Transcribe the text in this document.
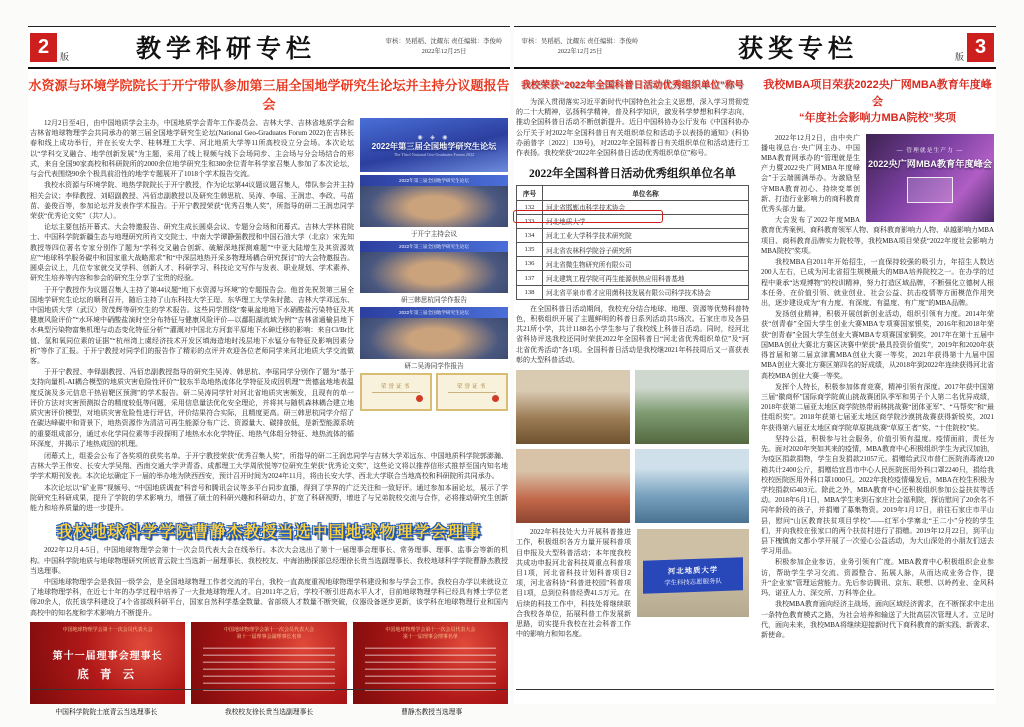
2	版	教学科研专栏	审核：吴稻稻、沈耀东 责任编辑：李俊岭
2022年12月25日
水资源与环境学院院长于开宁带队参加第三届全国地学研究生论坛并主持分议题报告会

12月2日至4日，由中国地质学会主办，中国地质学会青年工作委员会、吉林大学、吉林省地质学会和吉林省地球物理学会共同承办的第三届全国地学研究生论坛(National Geo-Graduates Forum 2022)在吉林长春和线上成功举行，并在长安大学、桂林理工大学、河北地质大学等11所高校设立分会场。本次论坛以“学科交叉融合、地学创新发展”为主题，采用了线上视频与线下会场同步、主会场与分会场结合的形式，来自全国90家高校和科研院所的2000余位地学研究生和380余位青年科学家召集人参加了本次论坛，与会代表围绕90余个极具前沿性的地学专题展开了1018个学术报告交流。

我校水资源与环境学院、地热学院院长于开宁教授，作为论坛第44议题议题召集人，带队参会并主持相关会议；李铎教授、刘昭副教授、冯佰忠副教授以及研究生韩思杭、吴涛、李瑶、王润忠、李政、马苗苗、姜俊百等，参加论坛并发表作学术报告。于开宁教授荣获“优秀召集人奖”，所指导的研二王润忠同学荣获“优秀论文奖”（共7人）。

论坛主要包括开幕式、大会特邀报告、研究生成长圆桌会议、专题分会场和闭幕式。吉林大学林君院士、中国科学院新疆生态与地理研究所肖文交院士、中南大学谭静强教授和中国石油大学（北京）宋先知教授等四位著名专家分别作了题为“学科交叉融合创新、破解深地探测难题”“中亚大陆增生及其资源效应”“地球科学服务碳中和国家重大战略需求”和“中深层地热开采多物理场耦合研究探讨”的大会特邀报告。圆桌会议上，几位专家就交叉学科、创新人才、科研学习、科技论文写作与发表、职业规划、学术素养、研究生培养等内容和参会的研究生分享了宝贵的经验。

于开宁教授作为议题召集人主持了第44议题“地下水资源与环境”的专题报告会。他首先祝贺第三届全国地学研究生论坛的顺利召开，随后主持了山东科技大学王珵、东华理工大学朱时懿、吉林大学邓远东、中国地质大学（武汉）贺茂辉等研究生的学术报告。这些同学围绕“秦巢盆地地下水硝酸盐污染特征及其健康风险评价”“水环境中硝酸盐演时空分布特征与健康风险评价—以鄱阳湖流域为例”“吉林省通榆县地下水典型污染物富集机理与动态变化特征分析”“灌溉对中国北方河套平原地下水砷迁移的影响：来自Cl/Br比值、氢和氧同位素的证据”“杭州湾上虞经济技术开发区填海造地时浅层地下水锰分布特征及影响因素分析”等作了汇报。于开宁教授对同学们的报告作了精彩的点评并欢迎各位老师同学来河北地质大学交流做客。

于开宁教授、李铎副教授、冯佰忠副教授指导的研究生吴涛、韩思杭、李瑶同学分别作了题为“基于支持向量机-AI耦合模型的地质灾害危险性评价”“胶东半岛地热流体化学特征及成因机理”“贵德盆地地表温度反演及多元信息干热岩靶区预测”的学术报告。研二吴涛同学针对河北省地质灾害频发，且现有的单一评价方法对灾害预测拟合的精度较低等问题，采用信息量法优化安全理论，并将其与随机森林耦合建立地质灾害评价模型，对地质灾害危险性进行评估，评价结果符合实际，且精度更高。研三韩思杭同学介绍了在碳达峰碳中和背景下，地热资源作为清洁可再生能源分布广泛、资源量大、碳排放低，是新型能源系统的重要组成部分，通过水化学同位素等手段探明了地热水水化学特征、地热气体组分特征、地热流体的循环深度，并揭示了地热成因的机理。

◉ ◈ ◉
2022年第三届全国地学研究生论坛
The Third National Geo-Graduates Forum 2022
2022年第三届全国地学研究生论坛
于开宁主持会议
2022年第三届全国地学研究生论坛
研三韩思杭同学作报告
2022年第三届全国地学研究生论坛
研二吴涛同学作报告
荣誉证书	荣誉证书

闭幕式上，组委会公布了各奖项的获奖名单。于开宁教授荣获“优秀召集人奖”，所指导的研二王润忠同学与吉林大学邓远东、中国地质科学院郭澎瀚、吉林大学王伟安、长安大学吴翔、西南交通大学尹青香、成都理工大学周欣悦等7位研究生荣获“优秀论文奖”，这些论文将以推荐信形式推荐至国内知名地学学术期刊发表。本次论坛确定下一届的举办地为陕西西安，预计召开时间为2024年11月，将由长安大学、西北大学联合当地高校和科研院所共同承办。

本次论坛以“矿业界”视频号、“中国地质调查”科音号和腾讯会议等多平台同步直播，得到了学界的广泛关注和一致好评。通过参加本届论坛，展示了学院研究生科研成果，提升了学院的学术影响力，增强了硕士的科研兴趣和科研动力，扩宽了科研视野，增进了与兄弟院校交流与合作，必将推动研究生创新能力和培养质量的进一步提升。

我校地球科学学院曹静杰教授当选中国地球物理学会理事

2022年12月4-5日，中国地球物理学会第十一次会员代表大会在线举行。本次大会选出了第十一届理事会理事长、常务理事、理事、监事会等新的机构。中国科学院地质与地球物理研究所底青云院士当选新一届理事长、我校校友、中海油勘探部总经理徐长贵当选副理事长、我校地球科学学院曹静杰教授当选理事。

中国地球物理学会是我国一级学会，是全国地球物理工作者交流的平台，我校一直高度重视地球物理学科建设和参与学会工作。我校自办学以来就设立了地球物理学科，在近七十年的办学过程中培养了一大批地球物理人才。自2011年之后，学校不断引进高水平人才，目前地球物理学科已经具有博士学位老师20余人，依托该学科建设了4个省部级科研平台，国家自然科学基金数量、省部级人才数量不断突破，仪器设备逐步更新，该学科在地球物理行业和国内高校中的知名度和学术影响力不断提升。

中国地球物理学会第十一次会员代表大会
第十一届理事会理事长
底 青 云
中国地球物理学会第十一次会员代表大会
第十一届理事会副理事长名单
中国地球物理学会第十一次会员代表大会
第十一届理事会理事名单
中国科学院院士底青云当选理事长	我校校友徐长贵当选副理事长	曹静杰教授当选理事
审核：吴稻稻、沈耀东 责任编辑：李俊岭
2022年12月25日	获奖专栏	版 3
我校荣获“2022年全国科普日活动优秀组织单位”称号

为深入贯彻落实习近平新时代中国特色社会主义思想，深入学习贯彻党的二十大精神，弘扬科学精神，普及科学知识，激发科学梦想和科学志向，推动全国科普日活动不断创新提升。近日中国科协办公厅发布《中国科协办公厅关于对2022年全国科普日有关组织单位和活动予以表扬的通知》(科协办函普字〔2022〕139号)，对2022年全国科普日有关组织单位和活动进行工作表扬。我校荣获“2022年全国科普日活动优秀组织单位”称号。

2022年全国科普日活动优秀组织单位名单
序号	单位名称
132	河北省邯郸市科学技术协会
133	河北地质大学
134	河北工业大学科学技术研究院
135	河北省农林科学院谷子研究所
136	河北省微生物研究所有限公司
137	河北建筑工程学院可再生能源供热应用科普基地
138	河北省平泉市希才应用菌科技发展有限公司科学技术协会

在全国科普日活动期间，我校充分结合地球、地理、资源等优势科普特色，积极组织开展了主题鲜明的科普日系列活动共5场次。石家庄市及各县共21所小学，共计1188名小学生参与了我校线上科普日活动。同时，经河北省科协评选我校还同时荣获2022年全国科普日“河北省优秀组织单位”及“河北省优秀活动”各1项。全国科普日活动是我校继2021年科技周后又一喜获表彰的大型科普活动。

河北地质大学
学生科技志愿服务队

2022年科技处大力开展科普推进工作，积极组织各方力量开展科普项目申报及大型科普活动；本年度我校共成功申报河北省科技周重点科普项目1项，河北省科技计划科普项目2项，河北省科协“科普进校园”科普项目1项，总到位科普经费41.5万元。在后续的科技工作中，科技处将继续联合我校各单位，拓展科普工作发展新思路，切实提升我校在社会科普工作中的影响力和知名度。

我校MBA项目荣获2022央广网MBA教育年度峰会
“年度社会影响力MBA院校”奖项
— 管理就是生产力 —
2022央广网MBA教育年度峰会

2022年12月2日，由中央广播电视总台·央广网主办、中国MBA教育网承办的“管理就是生产力暨2022央广网MBA年度峰会”于云端圆满举办。为激励坚守MBA教育初心、持续变革创新、打造行业影响力的商科教育优秀头部力量。

大会发布了2022年度MBA教育优秀案例、商科教育领军人物、商科教育影响力人物、卓越影响力MBA项目、商科教育品牌实力院校等，我校MBA项目荣获“2022年度社会影响力MBA院校”奖项。

我校MBA自2011年开始招生，一直保持较强的吸引力，年招生人数达200人左右，已成为河北省招生规模最大的MBA培养院校之一。在办学的过程中秉承“达观博物”的校训精神，努力打造区域品牌，不断强化立德树人根本任务，在价值引领、就业创业、社会公益、抗击疫情等方面模范作用突出，逐步建设成为“有力度、有深度、有温度、有广度”的MBA品牌。

发扬创业精神，积极开展创新创业活动，组织引领有力度。2014年荣获“创青春”全国大学生创业大赛MBA专项赛国家银奖，2016年和2018年荣获“创青春”全国大学生创业大赛MBA专项赛国家铜奖，2017年在第十五届中国MBA创业大赛北方赛区决赛中荣获“最具投资价值奖”，2019年和2020年获得首届和第二届京津冀MBA创业大赛一等奖，2021年获得第十九届中国MBA创业大赛北方赛区第四名的好成绩，从2018年到2022年连续获得河北省高校MBA创业大赛一等奖。

发挥个人特长，积极参加体育竞赛，精神引领有深度。2017年获中国第三届“徽商杯”国际商学院黄山挑战赛团队季军和男子个人第二名优异成绩，2018年获第二届亚太地区商学院热带雨林挑战赛“团体亚军”、“马帮奖”和“最佳组织奖”。2018年获第七届亚太地区商学院沙漠挑战赛获得新锐奖，2021年获得第六届亚太地区商学院草原挑战赛“草原王者”奖、“十佳院校”奖。

坚持公益，积极参与社会服务，价值引领有温度。疫情面前，责任为先。面对2020年突如其来的疫情，MBA教育中心积极组织学生为武汉加油，为疫区捐款捐物，学生自发捐款21057元。捐赠给武汉市普仁医院消毒液120箱共计2400公斤，捐赠给宜昌市中心人民医院医用外科口罩2240只，捐给我校校医院医用外科口罩1000只。2022年我校疫情爆发后，MBA在校生积极为学校捐款65403元。除此之外，MBA教育中心还积极组织参加公益扶贫等活动。2018年6月1日，MBA学生来到石家庄社会福利院，探访慰问了20余名不同年龄段的孩子，并捐赠了募集物资。2019年1月17日，前往石家庄市平山县，慰问“山区教育扶贫项目学校”——红军小学寨北“王二小”分校的学生们，并向我校在张家口的两个扶贫村进行了捐赠。2019年12月22日，到平山县下槐镇南文都小学开展了一次爱心公益活动，为大山深处的小朋友们送去学习用品。

积极参加企业参访，业务引领有广度。MBA教育中心积极组织企业参访，帮助学生学习交流、资源整合、拓展人脉，从而达成业务合作，提升“企业家”管理运营能力。先后参访腾讯、京东、联想、以岭药业、金风科玛、诺亚人力、深交所、万科等企业。

我校MBA教育面向经济主战场，面向区域经济需求，在不断探求中走出一条特色教育模式之路，为社会培养和输送了大批高层次管理人才。立足时代，面向未来，我校MBA将继续迎接新时代下商科教育的新实践、新需求、新使命。
